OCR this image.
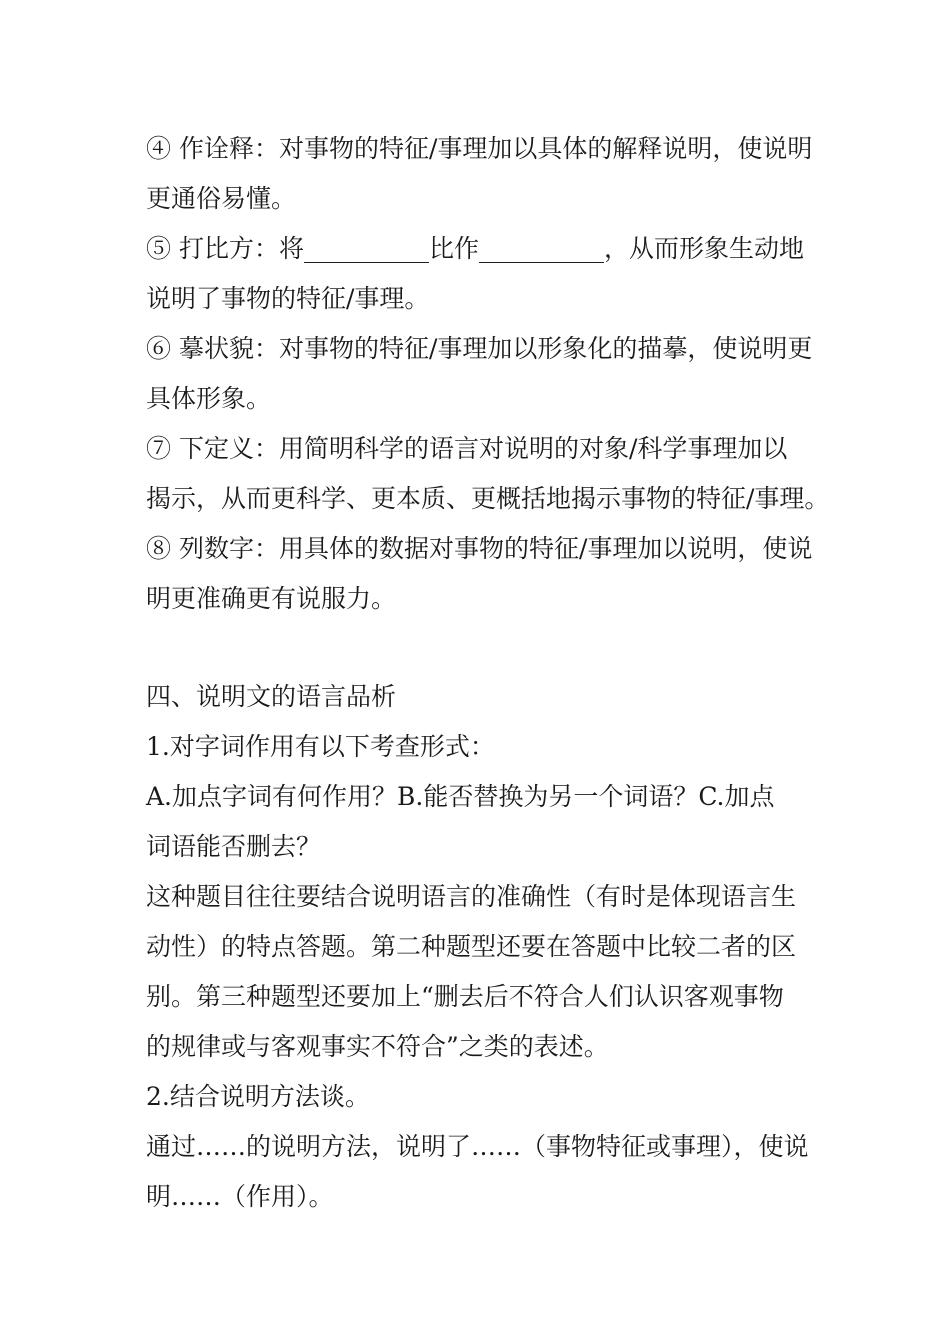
④ 作诠释：对事物的特征/事理加以具体的解释说明，使说明
更通俗易懂。
⑤ 打比方：将__________比作__________，从而形象生动地
说明了事物的特征/事理。
⑥ 摹状貌：对事物的特征/事理加以形象化的描摹，使说明更
具体形象。
⑦ 下定义：用简明科学的语言对说明的对象/科学事理加以
揭示，从而更科学、更本质、更概括地揭示事物的特征/事理。
⑧ 列数字：用具体的数据对事物的特征/事理加以说明，使说
明更准确更有说服力。
四、说明文的语言品析
1.对字词作用有以下考查形式：
A.加点字词有何作用？B.能否替换为另一个词语？C.加点
词语能否删去？
这种题目往往要结合说明语言的准确性（有时是体现语言生
动性）的特点答题。第二种题型还要在答题中比较二者的区
别。第三种题型还要加上“删去后不符合人们认识客观事物
的规律或与客观事实不符合”之类的表述。
2.结合说明方法谈。
通过……的说明方法，说明了……（事物特征或事理），使说
明……（作用）。
